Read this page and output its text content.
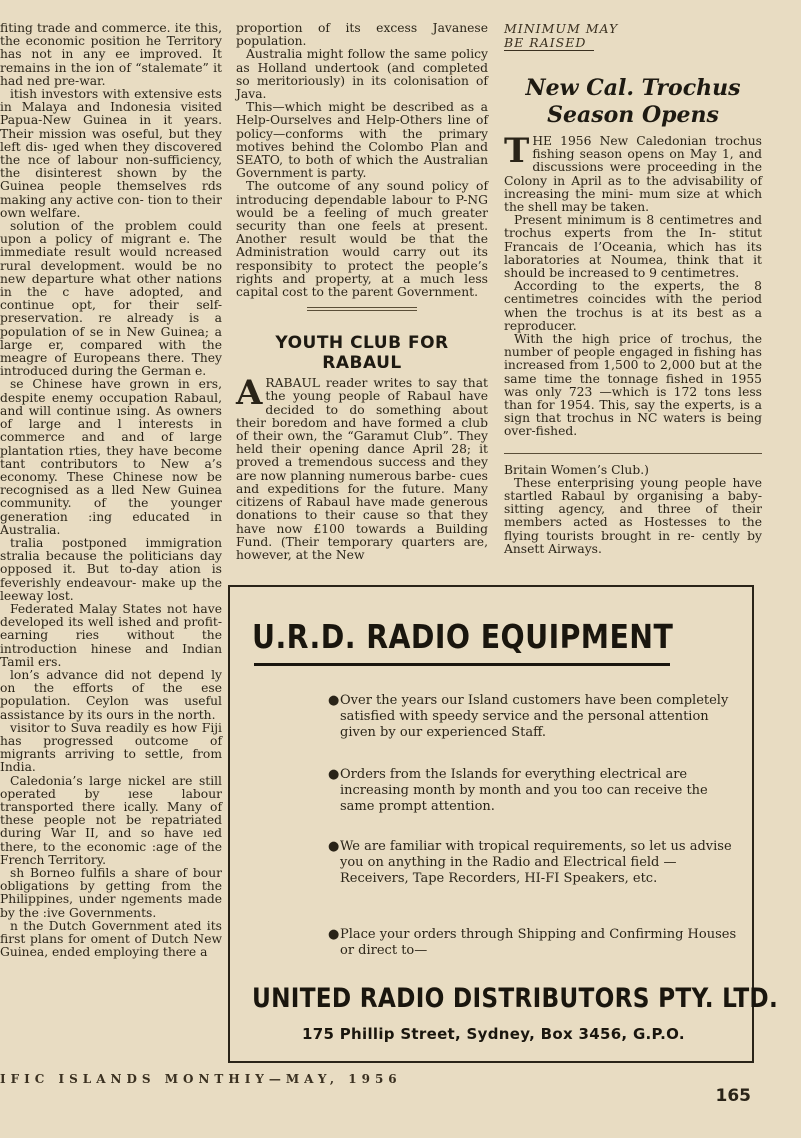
fiting trade and commerce. ite this, the economic position he Territory has not in any ee improved. It remains in the ion of “stalemate” it had ned pre-war.

itish investors with extensive ests in Malaya and Indonesia visited Papua-New Guinea in it years. Their mission was oseful, but they left dis- ıged when they discovered the nce of labour non-sufficiency, the disinterest shown by the Guinea people themselves rds making any active con- tion to their own welfare.

solution of the problem could upon a policy of migrant e. The immediate result would ncreased rural development. would be no new departure what other nations in the c have adopted, and continue opt, for their self-preservation. re already is a population of se in New Guinea; a large er, compared with the meagre of Europeans there. They introduced during the German e.

se Chinese have grown in ers, despite enemy occupation Rabaul, and will continue ısing. As owners of large and l interests in commerce and and of large plantation rties, they have become tant contributors to New a’s economy. These Chinese now be recognised as a lled New Guinea community. of the younger generation :ing educated in Australia.

tralia postponed immigration stralia because the politicians day opposed it. But to-day ation is feverishly endeavour- make up the leeway lost.

Federated Malay States not have developed its well ished and profit-earning ries without the introduction hinese and Indian Tamil ers.

lon’s advance did not depend ly on the efforts of the ese population. Ceylon was useful assistance by its ours in the north.

visitor to Suva readily es how Fiji has progressed outcome of migrants arriving to settle, from India.

Caledonia’s large nickel are still operated by ıese labour transported there ically. Many of these people not be repatriated during War II, and so have ıed there, to the economic :age of the French Territory.

sh Borneo fulfils a share of bour obligations by getting from the Philippines, under ngements made by the :ive Governments.

n the Dutch Government ated its first plans for oment of Dutch New Guinea, ended employing there a

proportion of its excess Javanese population.

Australia might follow the same policy as Holland undertook (and completed so meritoriously) in its colonisation of Java.

This—which might be described as a Help-Ourselves and Help-Others line of policy—conforms with the primary motives behind the Colombo Plan and SEATO, to both of which the Australian Government is party.

The outcome of any sound policy of introducing dependable labour to P-NG would be a feeling of much greater security than one feels at present. Another result would be that the Administration would carry out its responsibity to protect the people’s rights and property, at a much less capital cost to the parent Government.

YOUTH CLUB FOR RABAUL

ARABAUL reader writes to say that the young people of Rabaul have decided to do something about their boredom and have formed a club of their own, the “Garamut Club”. They held their opening dance April 28; it proved a tremendous success and they are now planning numerous barbe- cues and expeditions for the future. Many citizens of Rabaul have made generous donations to their cause so that they have now £100 towards a Building Fund. (Their temporary quarters are, however, at the New

MINIMUM MAY
BE RAISED
New Cal. Trochus
Season Opens

THE 1956 New Caledonian trochus fishing season opens on May 1, and discussions were proceeding in the Colony in April as to the advisability of increasing the mini- mum size at which the shell may be taken.

Present minimum is 8 centimetres and trochus experts from the In- stitut Francais de l’Oceania, which has its laboratories at Noumea, think that it should be increased to 9 centimetres.

According to the experts, the 8 centimetres coincides with the period when the trochus is at its best as a reproducer.

With the high price of trochus, the number of people engaged in fishing has increased from 1,500 to 2,000 but at the same time the tonnage fished in 1955 was only 723 —which is 172 tons less than for 1954. This, say the experts, is a sign that trochus in NC waters is being over-fished.

Britain Women’s Club.)

These enterprising young people have startled Rabaul by organising a baby-sitting agency, and three of their members acted as Hostesses to the flying tourists brought in re- cently by Ansett Airways.

U.R.D. RADIO EQUIPMENT
● Over the years our Island customers have been completely satisfied with speedy service and the personal attention given by our experienced Staff.
● Orders from the Islands for everything electrical are increasing month by month and you too can receive the same prompt attention.
● We are familiar with tropical requirements, so let us advise you on anything in the Radio and Electrical field — Receivers, Tape Recorders, HI-FI Speakers, etc.
● Place your orders through Shipping and Confirming Houses or direct to—
UNITED RADIO DISTRIBUTORS PTY. LTD.
175 Phillip Street, Sydney, Box 3456, G.P.O.
IFIC ISLANDS MONTHIY—MAY, 1956
165
